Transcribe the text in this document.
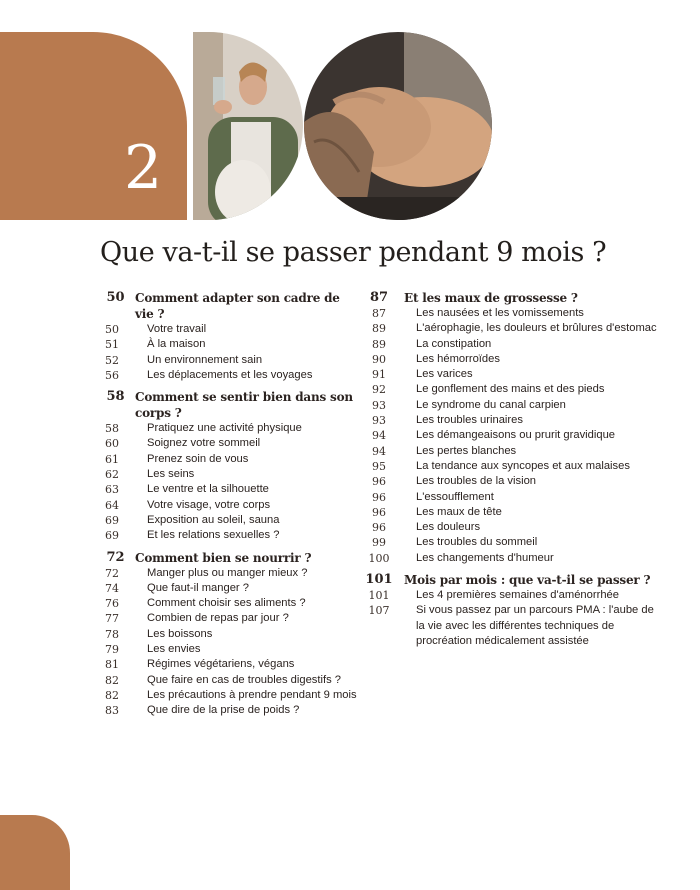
2
Que va-t-il se passer pendant 9 mois ?
50 Comment adapter son cadre de vie ?
50	Votre travail
51	À la maison
52	Un environnement sain
56	Les déplacements et les voyages
58 Comment se sentir bien dans son corps ?
58	Pratiquez une activité physique
60	Soignez votre sommeil
61	Prenez soin de vous
62	Les seins
63	Le ventre et la silhouette
64	Votre visage, votre corps
69	Exposition au soleil, sauna
69	Et les relations sexuelles ?
72 Comment bien se nourrir ?
72	Manger plus ou manger mieux ?
74	Que faut-il manger ?
76	Comment choisir ses aliments ?
77	Combien de repas par jour ?
78	Les boissons
79	Les envies
81	Régimes végétariens, végans
82	Que faire en cas de troubles digestifs ?
82	Les précautions à prendre pendant 9 mois
83	Que dire de la prise de poids ?
87	Et les maux de grossesse ?
87	Les nausées et les vomissements
89	L'aérophagie, les douleurs et brûlures d'estomac
89	La constipation
90	Les hémorroïdes
91	Les varices
92	Le gonflement des mains et des pieds
93	Le syndrome du canal carpien
93	Les troubles urinaires
94	Les démangeaisons ou prurit gravidique
94	Les pertes blanches
95	La tendance aux syncopes et aux malaises
96	Les troubles de la vision
96	L'essoufflement
96	Les maux de tête
96	Les douleurs
99	Les troubles du sommeil
100	Les changements d'humeur
101 Mois par mois : que va-t-il se passer ?
101	Les 4 premières semaines d'aménorrhée
107	Si vous passez par un parcours PMA : l'aube de la vie avec les différentes techniques de procréation médicalement assistée
